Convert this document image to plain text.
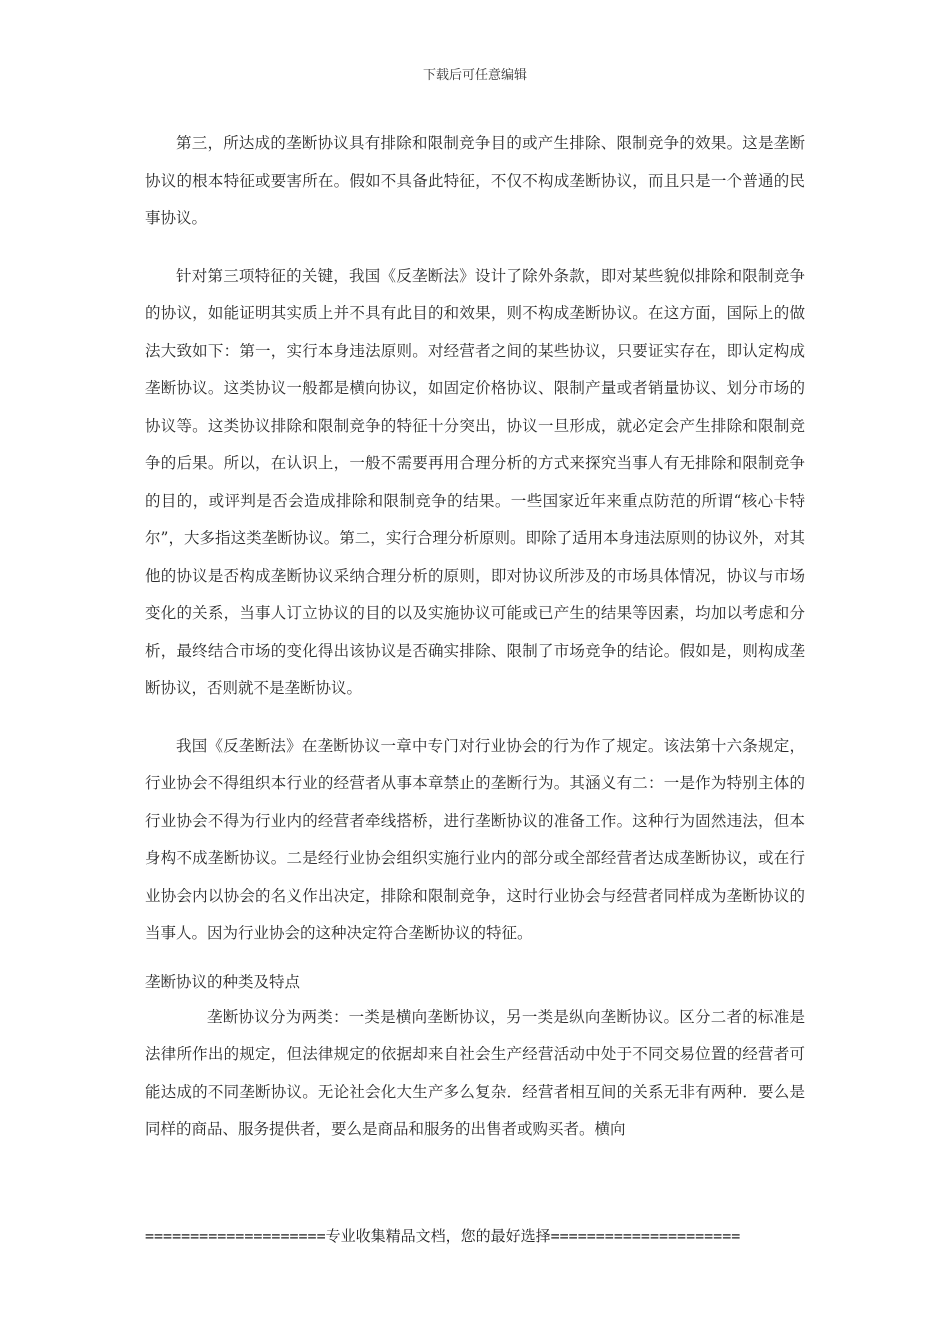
下载后可任意编辑

第三，所达成的垄断协议具有排除和限制竞争目的或产生排除、限制竞争的效果。这是垄断协议的根本特征或要害所在。假如不具备此特征，不仅不构成垄断协议，而且只是一个普通的民事协议。

针对第三项特征的关键，我国《反垄断法》设计了除外条款，即对某些貌似排除和限制竞争的协议，如能证明其实质上并不具有此目的和效果，则不构成垄断协议。在这方面，国际上的做法大致如下：第一，实行本身违法原则。对经营者之间的某些协议，只要证实存在，即认定构成垄断协议。这类协议一般都是横向协议，如固定价格协议、限制产量或者销量协议、划分市场的协议等。这类协议排除和限制竞争的特征十分突出，协议一旦形成，就必定会产生排除和限制竞争的后果。所以，在认识上，一般不需要再用合理分析的方式来探究当事人有无排除和限制竞争的目的，或评判是否会造成排除和限制竞争的结果。一些国家近年来重点防范的所谓“核心卡特尔”，大多指这类垄断协议。第二，实行合理分析原则。即除了适用本身违法原则的协议外，对其他的协议是否构成垄断协议采纳合理分析的原则，即对协议所涉及的市场具体情况，协议与市场变化的关系，当事人订立协议的目的以及实施协议可能或已产生的结果等因素，均加以考虑和分析，最终结合市场的变化得出该协议是否确实排除、限制了市场竞争的结论。假如是，则构成垄断协议，否则就不是垄断协议。

我国《反垄断法》在垄断协议一章中专门对行业协会的行为作了规定。该法第十六条规定，行业协会不得组织本行业的经营者从事本章禁止的垄断行为。其涵义有二：一是作为特别主体的行业协会不得为行业内的经营者牵线搭桥，进行垄断协议的准备工作。这种行为固然违法，但本身构不成垄断协议。二是经行业协会组织实施行业内的部分或全部经营者达成垄断协议，或在行业协会内以协会的名义作出决定，排除和限制竞争，这时行业协会与经营者同样成为垄断协议的当事人。因为行业协会的这种决定符合垄断协议的特征。

垄断协议的种类及特点

垄断协议分为两类：一类是横向垄断协议，另一类是纵向垄断协议。区分二者的标准是法律所作出的规定，但法律规定的依据却来自社会生产经营活动中处于不同交易位置的经营者可能达成的不同垄断协议。无论社会化大生产多么复杂．经营者相互间的关系无非有两种．要么是同样的商品、服务提供者，要么是商品和服务的出售者或购买者。横向

====================专业收集精品文档，您的最好选择=====================
